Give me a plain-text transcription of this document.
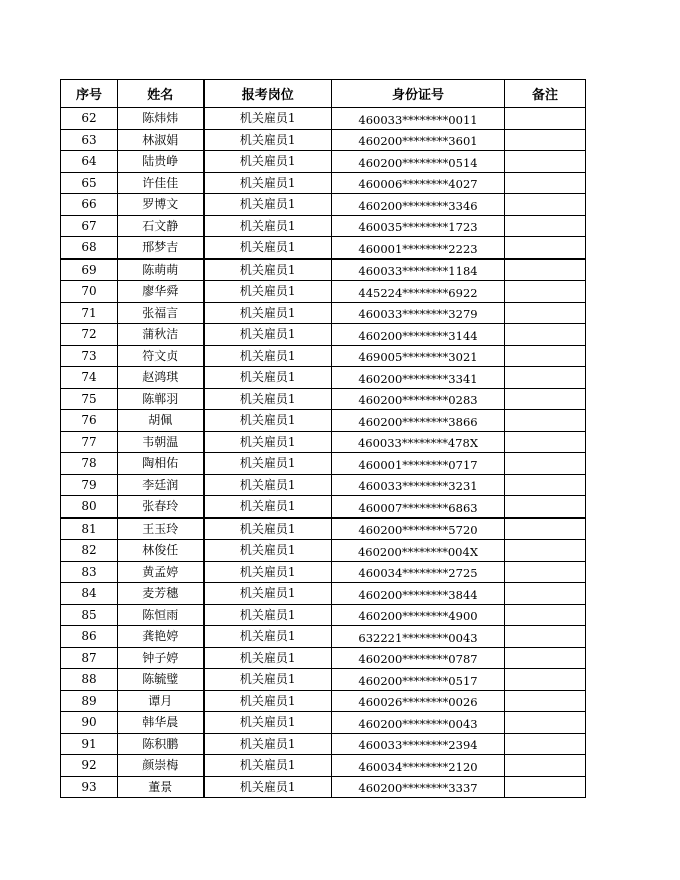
序号	姓名	报考岗位	身份证号	备注
62	陈炜炜	机关雇员1	460033********0011	
63	林淑娟	机关雇员1	460200********3601	
64	陆贵峥	机关雇员1	460200********0514	
65	许佳佳	机关雇员1	460006********4027	
66	罗博文	机关雇员1	460200********3346	
67	石文静	机关雇员1	460035********1723	
68	邢梦吉	机关雇员1	460001********2223	
69	陈萌萌	机关雇员1	460033********1184	
70	廖华舜	机关雇员1	445224********6922	
71	张福言	机关雇员1	460033********3279	
72	蒲秋洁	机关雇员1	460200********3144	
73	符文贞	机关雇员1	469005********3021	
74	赵鸿琪	机关雇员1	460200********3341	
75	陈郸羽	机关雇员1	460200********0283	
76	胡佩	机关雇员1	460200********3866	
77	韦朝温	机关雇员1	460033********478X	
78	陶相佑	机关雇员1	460001********0717	
79	李廷润	机关雇员1	460033********3231	
80	张春玲	机关雇员1	460007********6863	
81	王玉玲	机关雇员1	460200********5720	
82	林俊任	机关雇员1	460200********004X	
83	黄孟婷	机关雇员1	460034********2725	
84	麦芳穗	机关雇员1	460200********3844	
85	陈恒雨	机关雇员1	460200********4900	
86	龚艳婷	机关雇员1	632221********0043	
87	钟子婷	机关雇员1	460200********0787	
88	陈毓璧	机关雇员1	460200********0517	
89	谭月	机关雇员1	460026********0026	
90	韩华晨	机关雇员1	460200********0043	
91	陈积鹏	机关雇员1	460033********2394	
92	颜崇梅	机关雇员1	460034********2120	
93	董景	机关雇员1	460200********3337	
